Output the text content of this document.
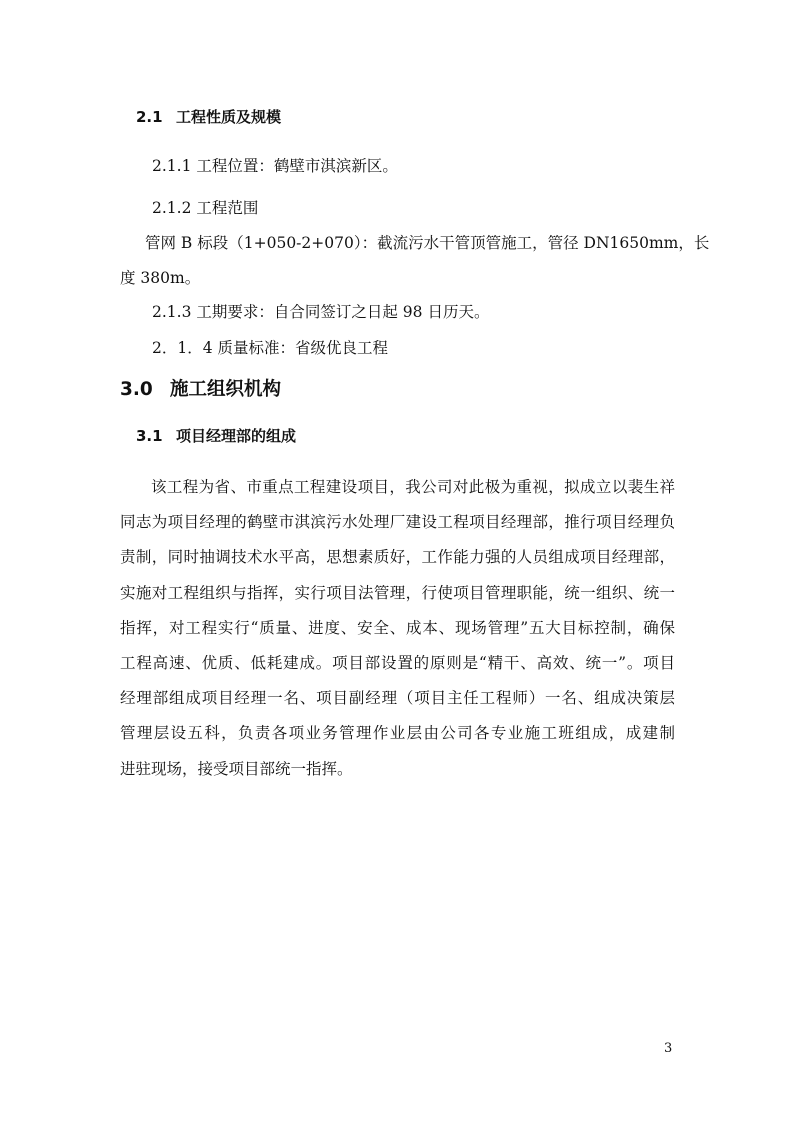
2.1 工程性质及规模
2.1.1 工程位置：鹤壁市淇滨新区。
2.1.2 工程范围
管网 B 标段（1+050-2+070）：截流污水干管顶管施工，管径 DN1650mm，长
度 380m。
2.1.3 工期要求：自合同签订之日起 98 日历天。
2．1．4 质量标准：省级优良工程
3.0 施工组织机构
3.1 项目经理部的组成
该工程为省、市重点工程建设项目，我公司对此极为重视，拟成立以裴生祥
同志为项目经理的鹤壁市淇滨污水处理厂建设工程项目经理部，推行项目经理负
责制，同时抽调技术水平高，思想素质好，工作能力强的人员组成项目经理部，
实施对工程组织与指挥，实行项目法管理，行使项目管理职能，统一组织、统一
指挥，对工程实行“质量、进度、安全、成本、现场管理”五大目标控制，确保
工程高速、优质、低耗建成。项目部设置的原则是“精干、高效、统一”。项目
经理部组成项目经理一名、项目副经理（项目主任工程师）一名、组成决策层
管理层设五科，负责各项业务管理作业层由公司各专业施工班组成，成建制
进驻现场，接受项目部统一指挥。
3
